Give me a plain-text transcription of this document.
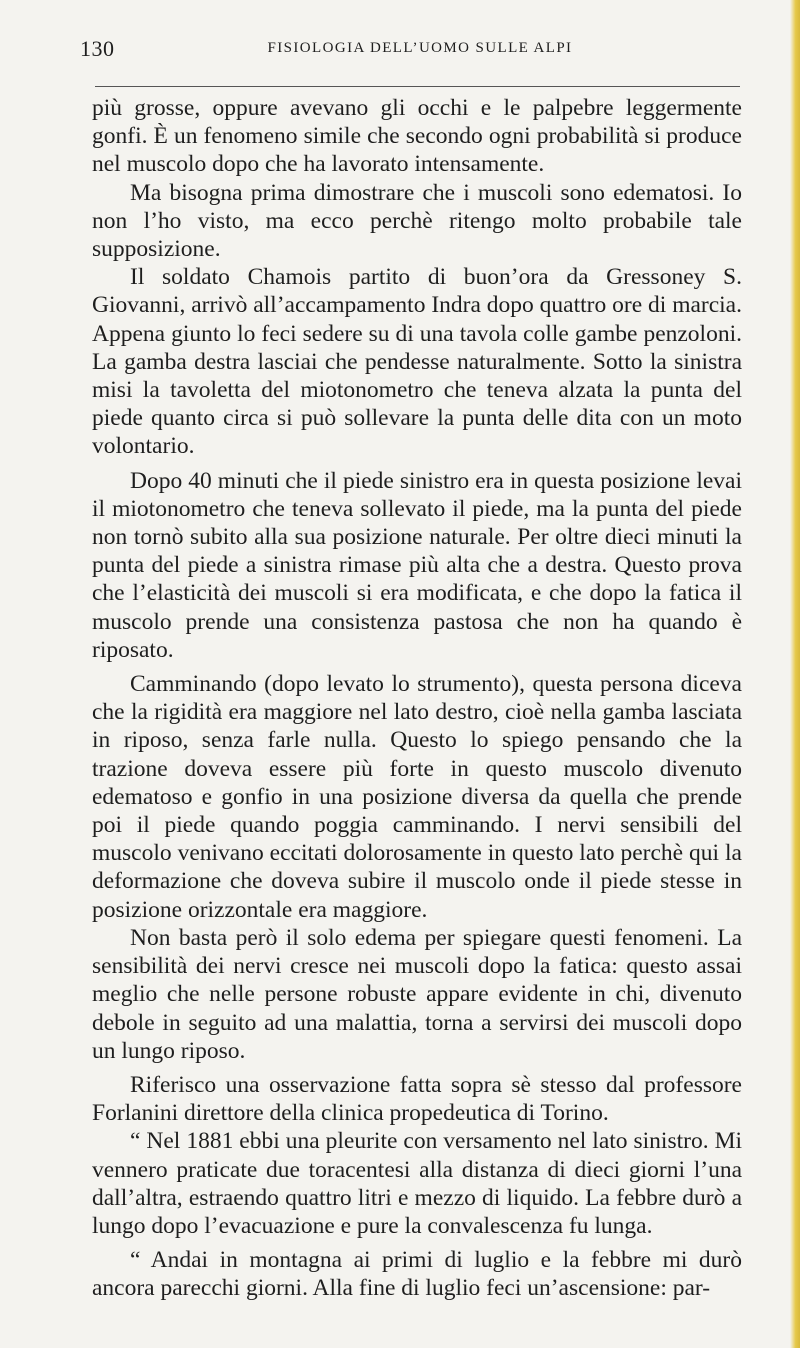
130	FISIOLOGIA DELL’UOMO SULLE ALPI

più grosse, oppure avevano gli occhi e le palpebre leggermente gonfi. È un fenomeno simile che secondo ogni probabilità si produce nel muscolo dopo che ha lavorato intensamente.

Ma bisogna prima dimostrare che i muscoli sono edematosi. Io non l’ho visto, ma ecco perchè ritengo molto probabile tale supposizione.

Il soldato Chamois partito di buon’ora da Gressoney S. Giovanni, arrivò all’accampamento Indra dopo quattro ore di marcia. Appena giunto lo feci sedere su di una tavola colle gambe penzoloni. La gamba destra lasciai che pendesse naturalmente. Sotto la sinistra misi la tavoletta del miotonometro che teneva alzata la punta del piede quanto circa si può sollevare la punta delle dita con un moto volontario.

Dopo 40 minuti che il piede sinistro era in questa posizione levai il miotonometro che teneva sollevato il piede, ma la punta del piede non tornò subito alla sua posizione naturale. Per oltre dieci minuti la punta del piede a sinistra rimase più alta che a destra. Questo prova che l’elasticità dei muscoli si era modificata, e che dopo la fatica il muscolo prende una consistenza pastosa che non ha quando è riposato.

Camminando (dopo levato lo strumento), questa persona diceva che la rigidità era maggiore nel lato destro, cioè nella gamba lasciata in riposo, senza farle nulla. Questo lo spiego pensando che la trazione doveva essere più forte in questo muscolo divenuto edematoso e gonfio in una posizione diversa da quella che prende poi il piede quando poggia camminando. I nervi sensibili del muscolo venivano eccitati dolorosamente in questo lato perchè qui la deformazione che doveva subire il muscolo onde il piede stesse in posizione orizzontale era maggiore.

Non basta però il solo edema per spiegare questi fenomeni. La sensibilità dei nervi cresce nei muscoli dopo la fatica: questo assai meglio che nelle persone robuste appare evidente in chi, divenuto debole in seguito ad una malattia, torna a servirsi dei muscoli dopo un lungo riposo.

Riferisco una osservazione fatta sopra sè stesso dal professore Forlanini direttore della clinica propedeutica di Torino.

“ Nel 1881 ebbi una pleurite con versamento nel lato sinistro. Mi vennero praticate due toracentesi alla distanza di dieci giorni l’una dall’altra, estraendo quattro litri e mezzo di liquido. La febbre durò a lungo dopo l’evacuazione e pure la convalescenza fu lunga.

“ Andai in montagna ai primi di luglio e la febbre mi durò ancora parecchi giorni. Alla fine di luglio feci un’ascensione: par-
